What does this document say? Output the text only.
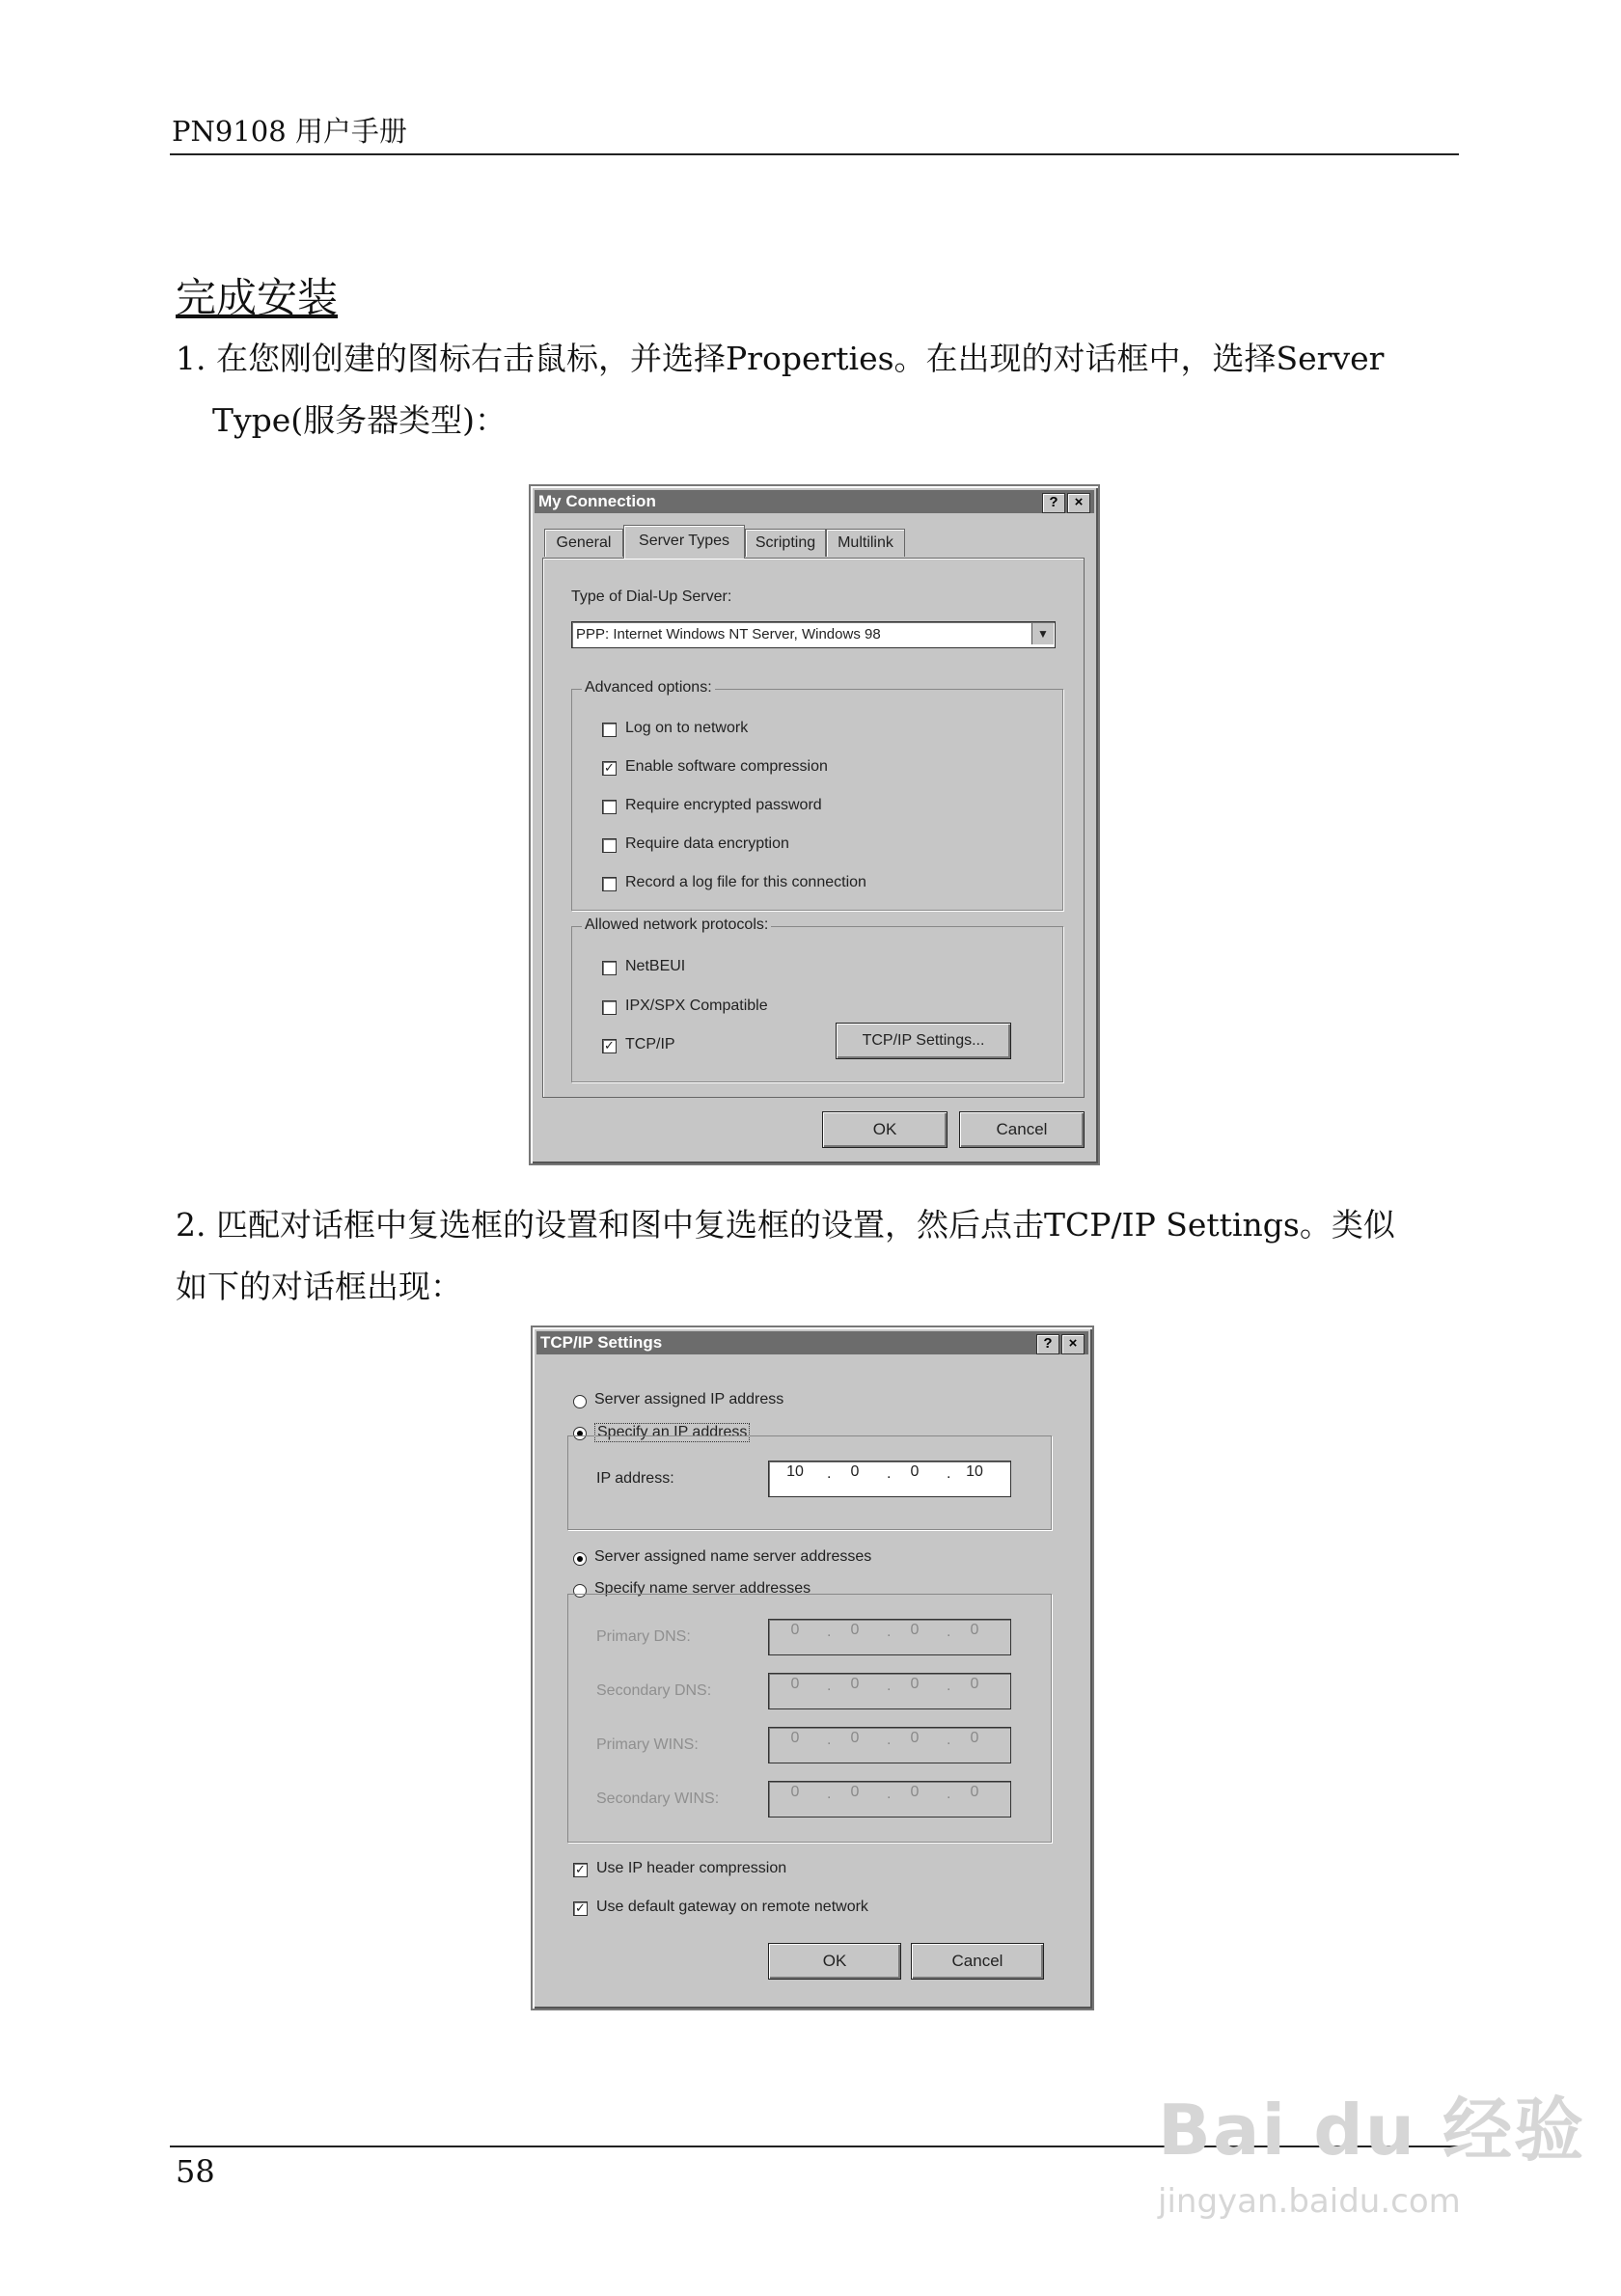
PN9108 用户手册
完成安装
1. 在您刚创建的图标右击鼠标，并选择Properties。在出现的对话框中，选择Server
Type(服务器类型)：
My Connection	?	×
General	Server Types	Scripting	Multilink
Type of Dial-Up Server:
PPP: Internet Windows NT Server, Windows 98	▼
Advanced options:
Log on to network
✓ Enable software compression
Require encrypted password
Require data encryption
Record a log file for this connection
Allowed network protocols:
NetBEUI
IPX/SPX Compatible
✓ TCP/IP	TCP/IP Settings...
OK	Cancel
2. 匹配对话框中复选框的设置和图中复选框的设置，然后点击TCP/IP Settings。类似
如下的对话框出现：
TCP/IP Settings	?	×
Server assigned IP address
Specify an IP address
IP address:	10	.	0	.	0	. 10
Server assigned name server addresses
Specify name server addresses
Primary DNS:	0	.	0	.	0	.	0
Secondary DNS:	0	.	0	.	0	.	0
Primary WINS:	0	.	0	.	0	.	0
Secondary WINS:	0	.	0	.	0	.	0
✓ Use IP header compression
✓ Use default gateway on remote network
OK	Cancel
58
Bai du 经验
jingyan.baidu.com
